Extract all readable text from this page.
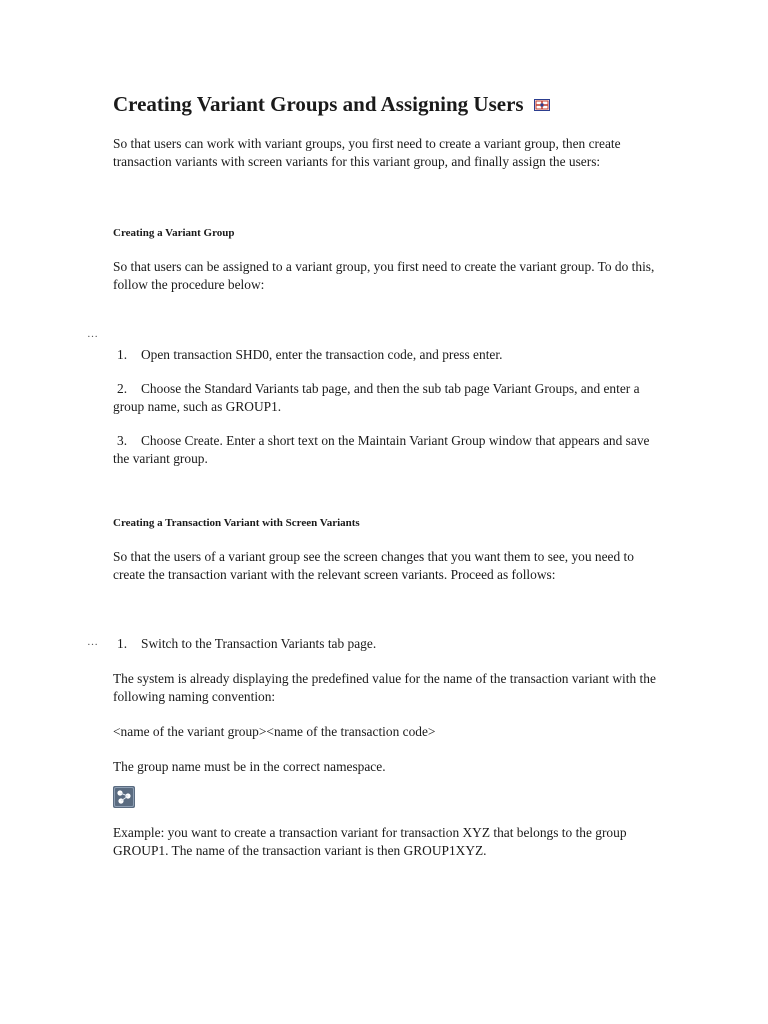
…
…
Creating Variant Groups and Assigning Users

So that users can work with variant groups, you first need to create a variant group, then create transaction variants with screen variants for this variant group, and finally assign the users:

Creating a Variant Group

So that users can be assigned to a variant group, you first need to create the variant group. To do this, follow the procedure below:

1. Open transaction SHD0, enter the transaction code, and press enter.
2. Choose the Standard Variants tab page, and then the sub tab page Variant Groups, and enter a group name, such as GROUP1.
3. Choose Create. Enter a short text on the Maintain Variant Group window that appears and save the variant group.
Creating a Transaction Variant with Screen Variants

So that the users of a variant group see the screen changes that you want them to see, you need to create the transaction variant with the relevant screen variants. Proceed as follows:

1. Switch to the Transaction Variants tab page.

The system is already displaying the predefined value for the name of the transaction variant with the following naming convention:

<name of the variant group><name of the transaction code>

The group name must be in the correct namespace.

Example: you want to create a transaction variant for transaction XYZ that belongs to the group GROUP1. The name of the transaction variant is then GROUP1XYZ.
